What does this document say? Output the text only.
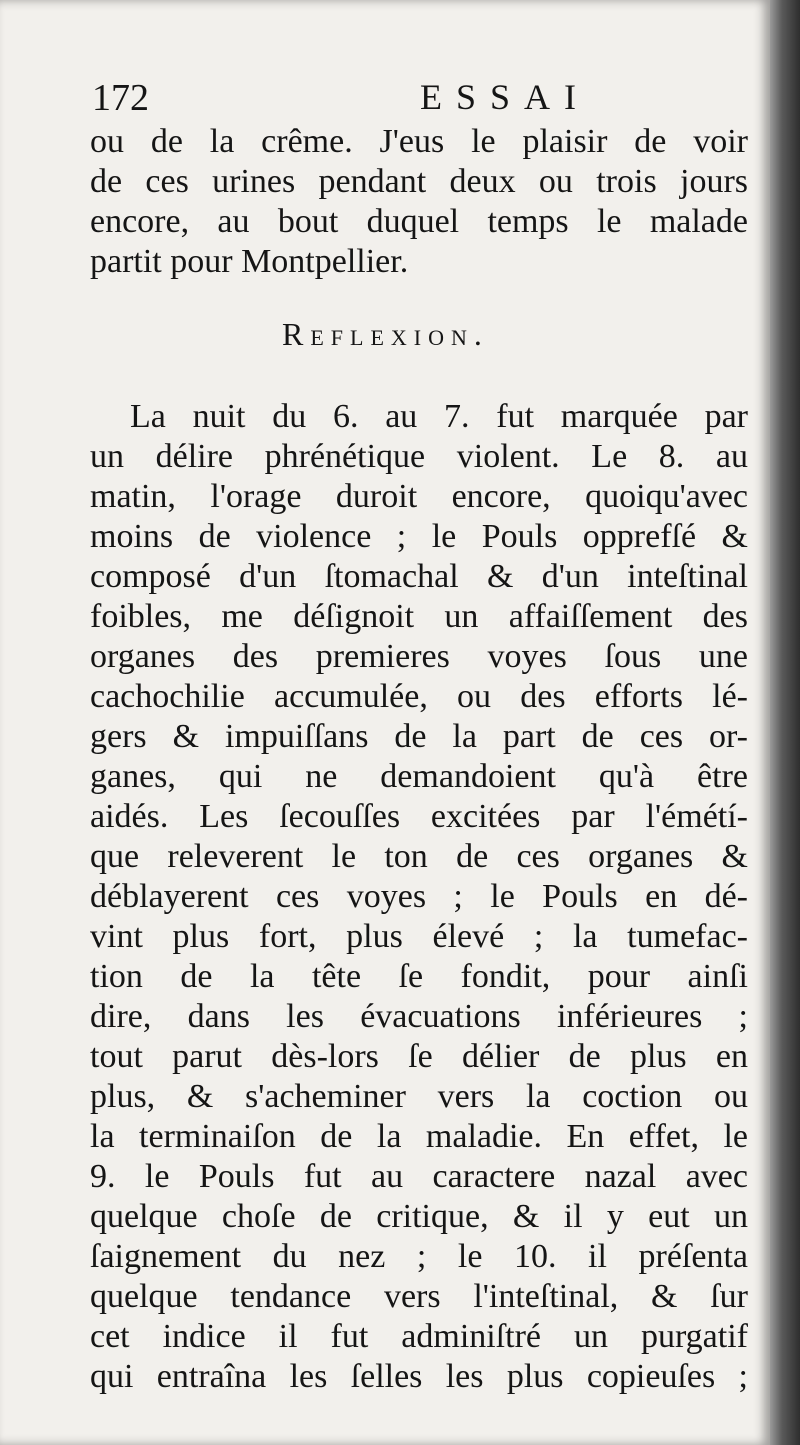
172	ESSAI
ou de la crême. J'eus le plaisir de voir
de ces urines pendant deux ou trois jours
encore, au bout duquel temps le malade
partit pour Montpellier.
Reflexion.
La nuit du 6. au 7. fut marquée par
un délire phrénétique violent. Le 8. au
matin, l'orage duroit encore, quoiqu'avec
moins de violence ; le Pouls opprefſé &
composé d'un ſtomachal & d'un inteſtinal
foibles, me déſignoit un affaiſſement des
organes des premieres voyes ſous une
cachochilie accumulée, ou des efforts lé-
gers & impuiſſans de la part de ces or-
ganes, qui ne demandoient qu'à être
aidés. Les ſecouſſes excitées par l'émétí-
que releverent le ton de ces organes &
déblayerent ces voyes ; le Pouls en dé-
vint plus fort, plus élevé ; la tumefac-
tion de la tête ſe fondit, pour ainſi
dire, dans les évacuations inférieures ;
tout parut dès-lors ſe délier de plus en
plus, & s'acheminer vers la coction ou
la terminaiſon de la maladie. En effet, le
9. le Pouls fut au caractere nazal avec
quelque choſe de critique, & il y eut un
ſaignement du nez ; le 10. il préſenta
quelque tendance vers l'inteſtinal, & ſur
cet indice il fut adminiſtré un purgatif
qui entraîna les ſelles les plus copieuſes ;
